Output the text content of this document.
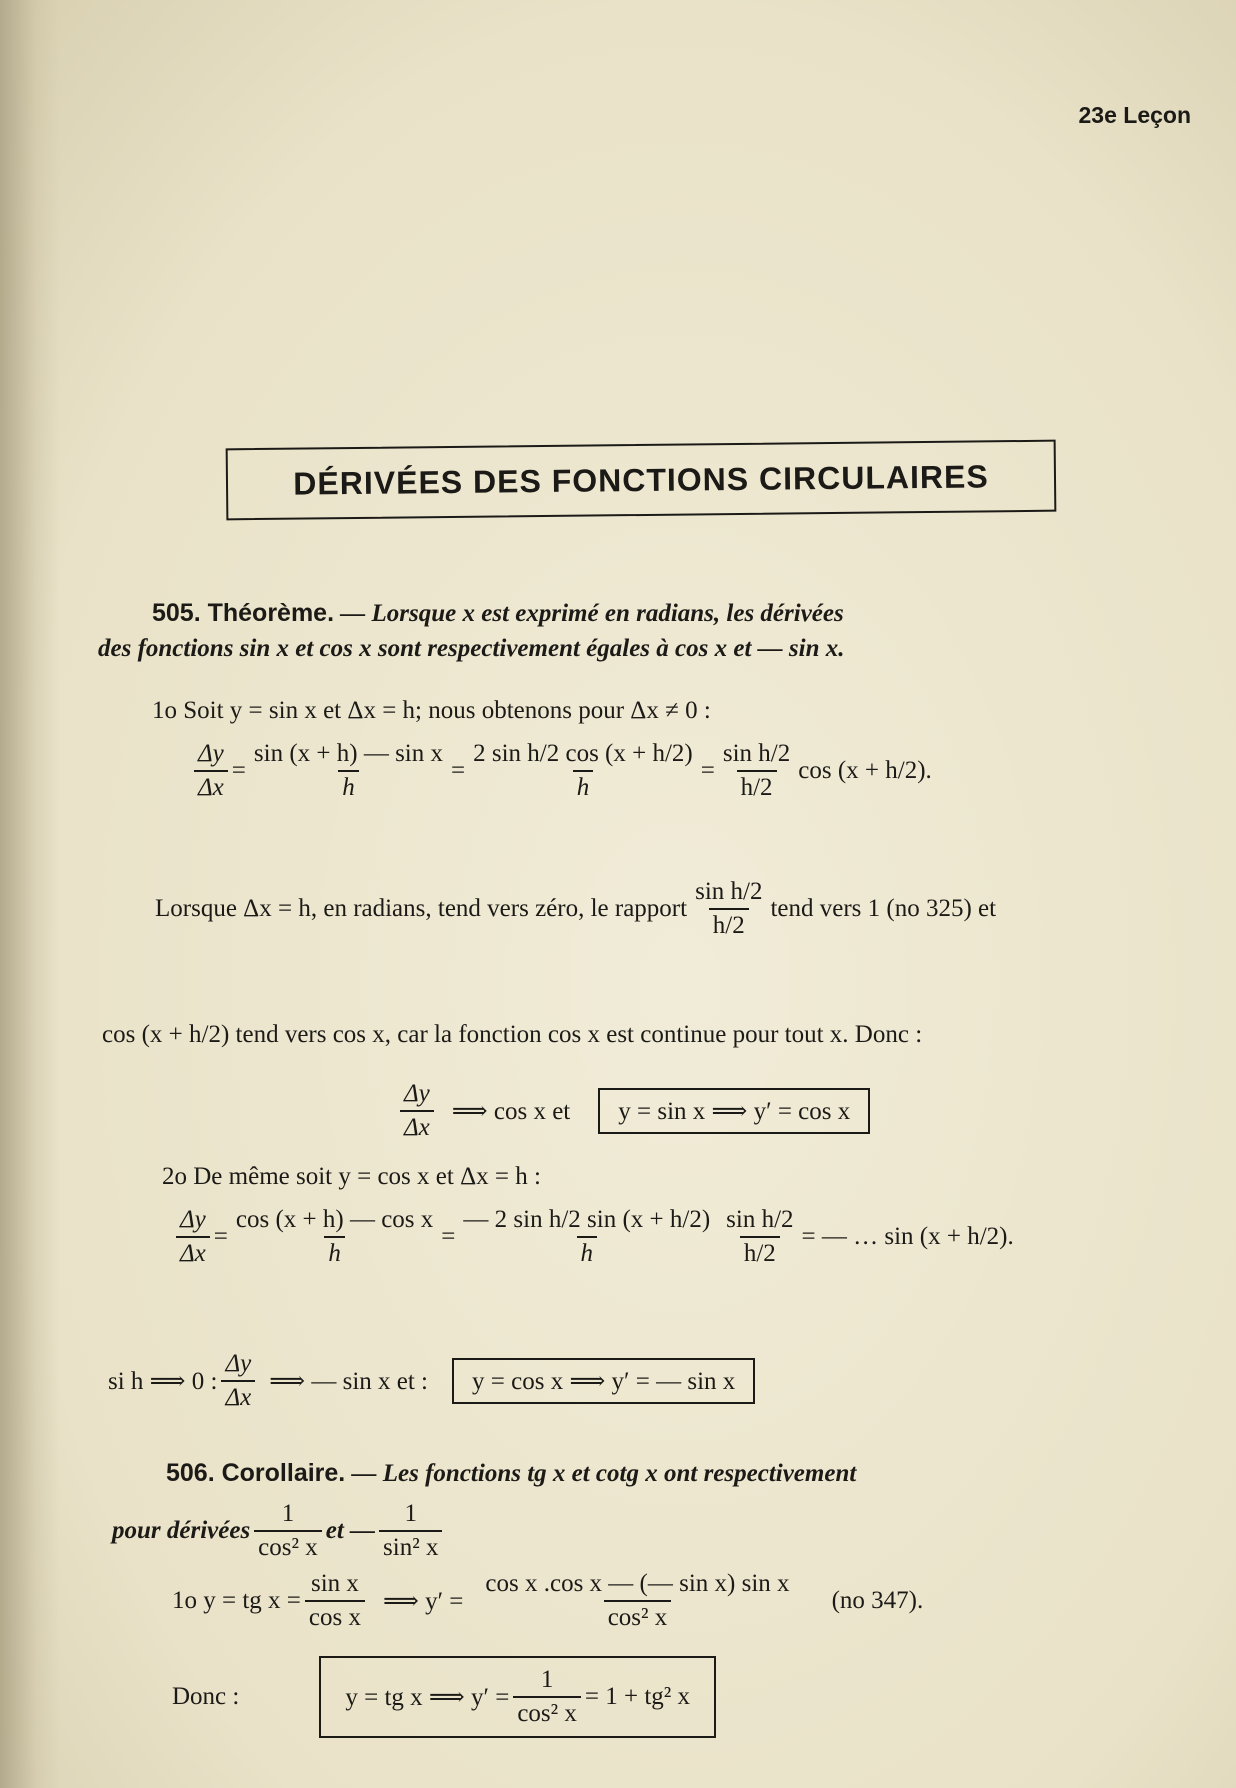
23e Leçon
DÉRIVÉES DES FONCTIONS CIRCULAIRES
505. Théorème. — Lorsque x est exprimé en radians, les dérivées
des fonctions sin x et cos x sont respectivement égales à cos x et — sin x.
1o Soit y = sin x et Δx = h; nous obtenons pour Δx ≠ 0 :
$\frac{\Delta y}{\Delta x} = \frac{\text{sin (x + h) — sin x}}{h} = \frac{\text{2 sin h/2 cos (x + h/2)}}{h} = \frac{\text{sin h/2}}{h/2}$ cos (x + h/2).
Lorsque Δx = h, en radians, tend vers zéro, le rapport $\frac{\text{sin h/2}}{h/2}$ tend vers 1 (no 325) et
cos (x + h/2) tend vers cos x, car la fonction cos x est continue pour tout x. Donc :
$\frac{\Delta y}{\Delta x}$ ⟹ cos x et	y = sin x ⟹ y′ = cos x
2o De même soit y = cos x et Δx = h :
$\frac{\Delta y}{\Delta x} = \frac{\text{cos (x + h) — cos x}}{h} = \frac{\text{— 2 sin h/2 sin (x + h/2)}}{h} \frac{\text{sin h/2}}{h/2}$ = — … sin (x + h/2).
si h ⟹ 0 : $\frac{\Delta y}{\Delta x}$ ⟹ — sin x et :	y = cos x ⟹ y′ = — sin x
506. Corollaire. — Les fonctions tg x et cotg x ont respectivement
pour dérivées $\frac{1}{\text{cos² x}}$ et — $\frac{1}{\text{sin² x}}$
1o y = tg $x = \frac{\text{sin x}}{\text{cos x}}$ ⟹ $y' = \frac{\text{cos x .cos x — (— sin x) sin x}}{\text{cos² x}} (no$ 347).
Donc :	y = tg x ⟹ $y' = \frac{1}{\text{cos² x}} = 1 + tg^2$ x
